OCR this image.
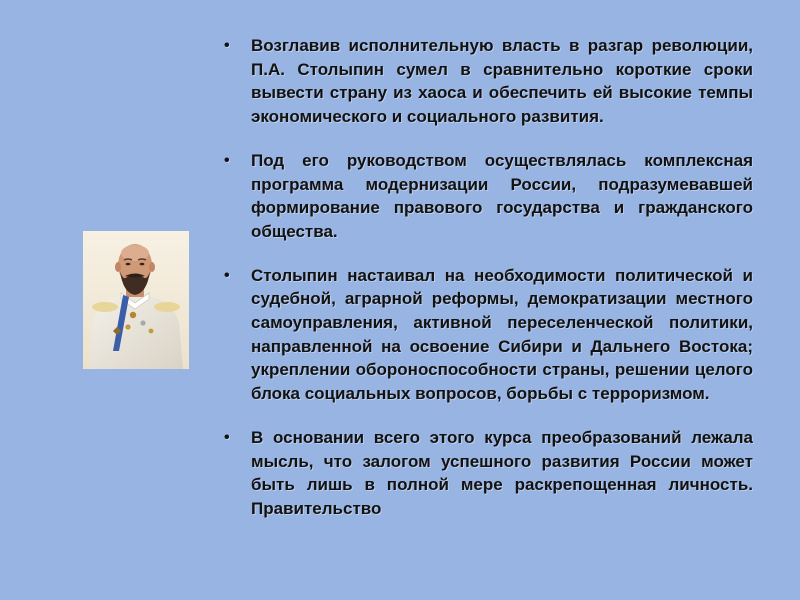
• Возглавив исполнительную власть в разгар революции, П.А. Столыпин сумел в сравнительно короткие сроки вывести страну из хаоса и обеспечить ей высокие темпы экономического и социального развития.
• Под его руководством осуществлялась комплексная программа модернизации России, подразумевавшей формирование правового государства и гражданского общества.
• Столыпин настаивал на необходимости политической и судебной, аграрной реформы, демократизации местного самоуправления, активной переселенческой политики, направленной на освоение Сибири и Дальнего Востока; укреплении обороноспособности страны, решении целого блока социальных вопросов, борьбы с терроризмом.
• В основании всего этого курса преобразований лежала мысль, что залогом успешного развития России может быть лишь в полной мере раскрепощенная личность. Правительство
